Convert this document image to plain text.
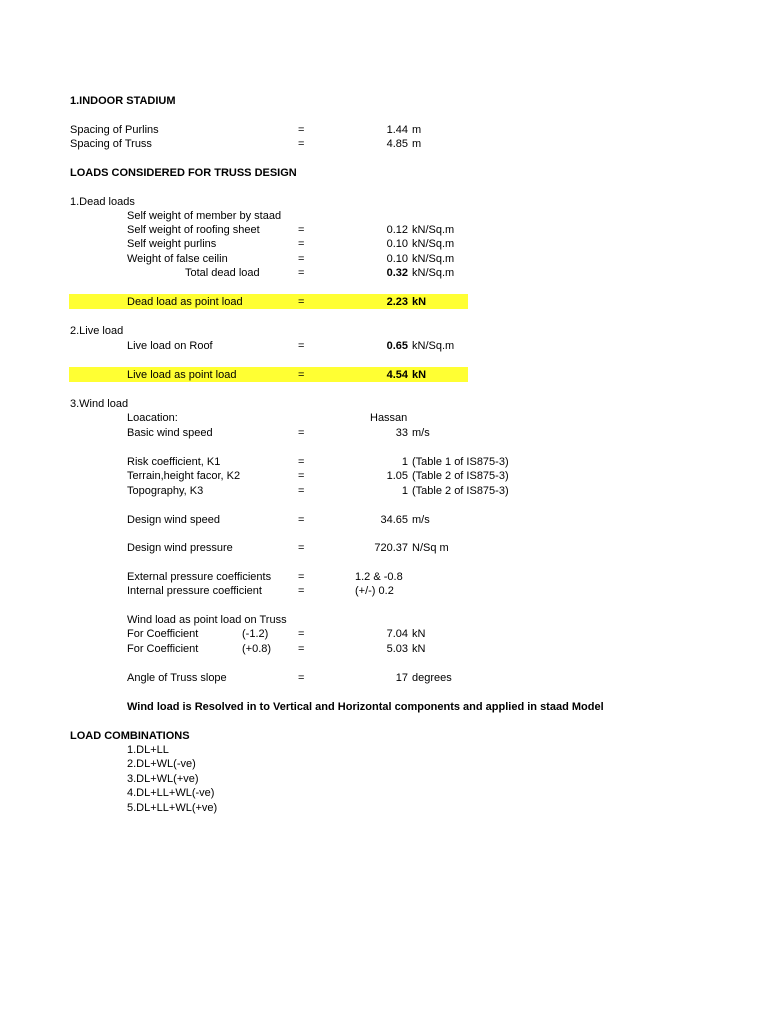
1.INDOOR STADIUM
Spacing of Purlins	=	1.44 m
Spacing of Truss	=	4.85 m
LOADS CONSIDERED FOR TRUSS DESIGN
1.Dead loads
Self weight of member by staad
Self weight of roofing sheet	=	0.12 kN/Sq.m
Self weight purlins	=	0.10 kN/Sq.m
Weight of false ceilin	=	0.10 kN/Sq.m
Total dead load	=	0.32 kN/Sq.m
Dead load as point load	=	2.23 kN
2.Live load
Live load on Roof	=	0.65 kN/Sq.m
Live load as point load	=	4.54 kN
3.Wind load
Loacation:	Hassan
Basic wind speed	=	33 m/s
Risk coefficient, K1	=	1 (Table 1 of IS875-3)
Terrain,height facor, K2	=	1.05 (Table 2 of IS875-3)
Topography, K3	=	1 (Table 2 of IS875-3)
Design wind speed	=	34.65 m/s
Design wind pressure	=	720.37 N/Sq m
External pressure coefficients =	1.2 & -0.8
Internal pressure coefficient	=	(+/-) 0.2
Wind load as point load on Truss
For Coefficient	(-1.2)	=	7.04 kN
For Coefficient	(+0.8) =	5.03 kN
Angle of Truss slope	=	17 degrees
Wind load is Resolved in to Vertical and Horizontal components and applied in staad Model
LOAD COMBINATIONS
1.DL+LL
2.DL+WL(-ve)
3.DL+WL(+ve)
4.DL+LL+WL(-ve)
5.DL+LL+WL(+ve)
